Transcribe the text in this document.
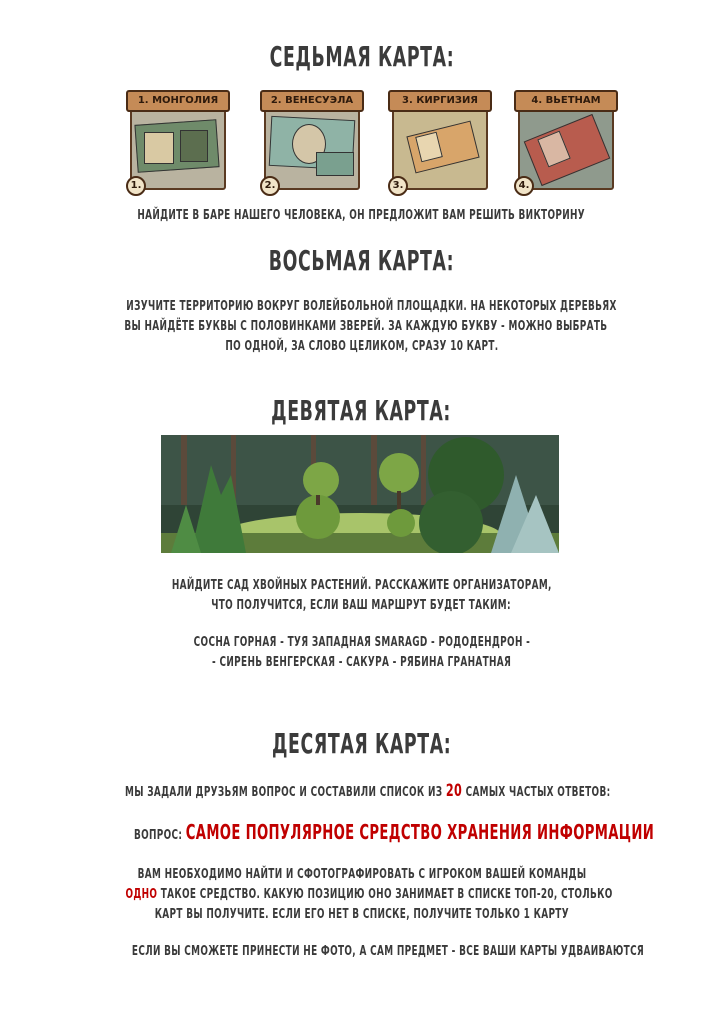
СЕДЬМАЯ КАРТА:
1. МОНГОЛИЯ
1.
2. ВЕНЕСУЭЛА
2.
3. КИРГИЗИЯ
3.
4. ВЬЕТНАМ
4.
НАЙДИТЕ В БАРЕ НАШЕГО ЧЕЛОВЕКА, ОН ПРЕДЛОЖИТ ВАМ РЕШИТЬ ВИКТОРИНУ
ВОСЬМАЯ КАРТА:
ИЗУЧИТЕ ТЕРРИТОРИЮ ВОКРУГ ВОЛЕЙБОЛЬНОЙ ПЛОЩАДКИ. НА НЕКОТОРЫХ ДЕРЕВЬЯХ
ВЫ НАЙДЁТЕ БУКВЫ С ПОЛОВИНКАМИ ЗВЕРЕЙ. ЗА КАЖДУЮ БУКВУ - МОЖНО ВЫБРАТЬ
ПО ОДНОЙ, ЗА СЛОВО ЦЕЛИКОМ, СРАЗУ 10 КАРТ.
ДЕВЯТАЯ КАРТА:
НАЙДИТЕ САД ХВОЙНЫХ РАСТЕНИЙ. РАССКАЖИТЕ ОРГАНИЗАТОРАМ,
ЧТО ПОЛУЧИТСЯ, ЕСЛИ ВАШ МАРШРУТ БУДЕТ ТАКИМ:
СОСНА ГОРНАЯ - ТУЯ ЗАПАДНАЯ SMARAGD - РОДОДЕНДРОН -
- СИРЕНЬ ВЕНГЕРСКАЯ - САКУРА - РЯБИНА ГРАНАТНАЯ
ДЕСЯТАЯ КАРТА:
МЫ ЗАДАЛИ ДРУЗЬЯМ ВОПРОС И СОСТАВИЛИ СПИСОК ИЗ 20 САМЫХ ЧАСТЫХ ОТВЕТОВ:
ВОПРОС: САМОЕ ПОПУЛЯРНОЕ СРЕДСТВО ХРАНЕНИЯ ИНФОРМАЦИИ
ВАМ НЕОБХОДИМО НАЙТИ И СФОТОГРАФИРОВАТЬ С ИГРОКОМ ВАШЕЙ КОМАНДЫ
ОДНО ТАКОЕ СРЕДСТВО. КАКУЮ ПОЗИЦИЮ ОНО ЗАНИМАЕТ В СПИСКЕ ТОП-20, СТОЛЬКО
КАРТ ВЫ ПОЛУЧИТЕ. ЕСЛИ ЕГО НЕТ В СПИСКЕ, ПОЛУЧИТЕ ТОЛЬКО 1 КАРТУ
ЕСЛИ ВЫ СМОЖЕТЕ ПРИНЕСТИ НЕ ФОТО, А САМ ПРЕДМЕТ - ВСЕ ВАШИ КАРТЫ УДВАИВАЮТСЯ
